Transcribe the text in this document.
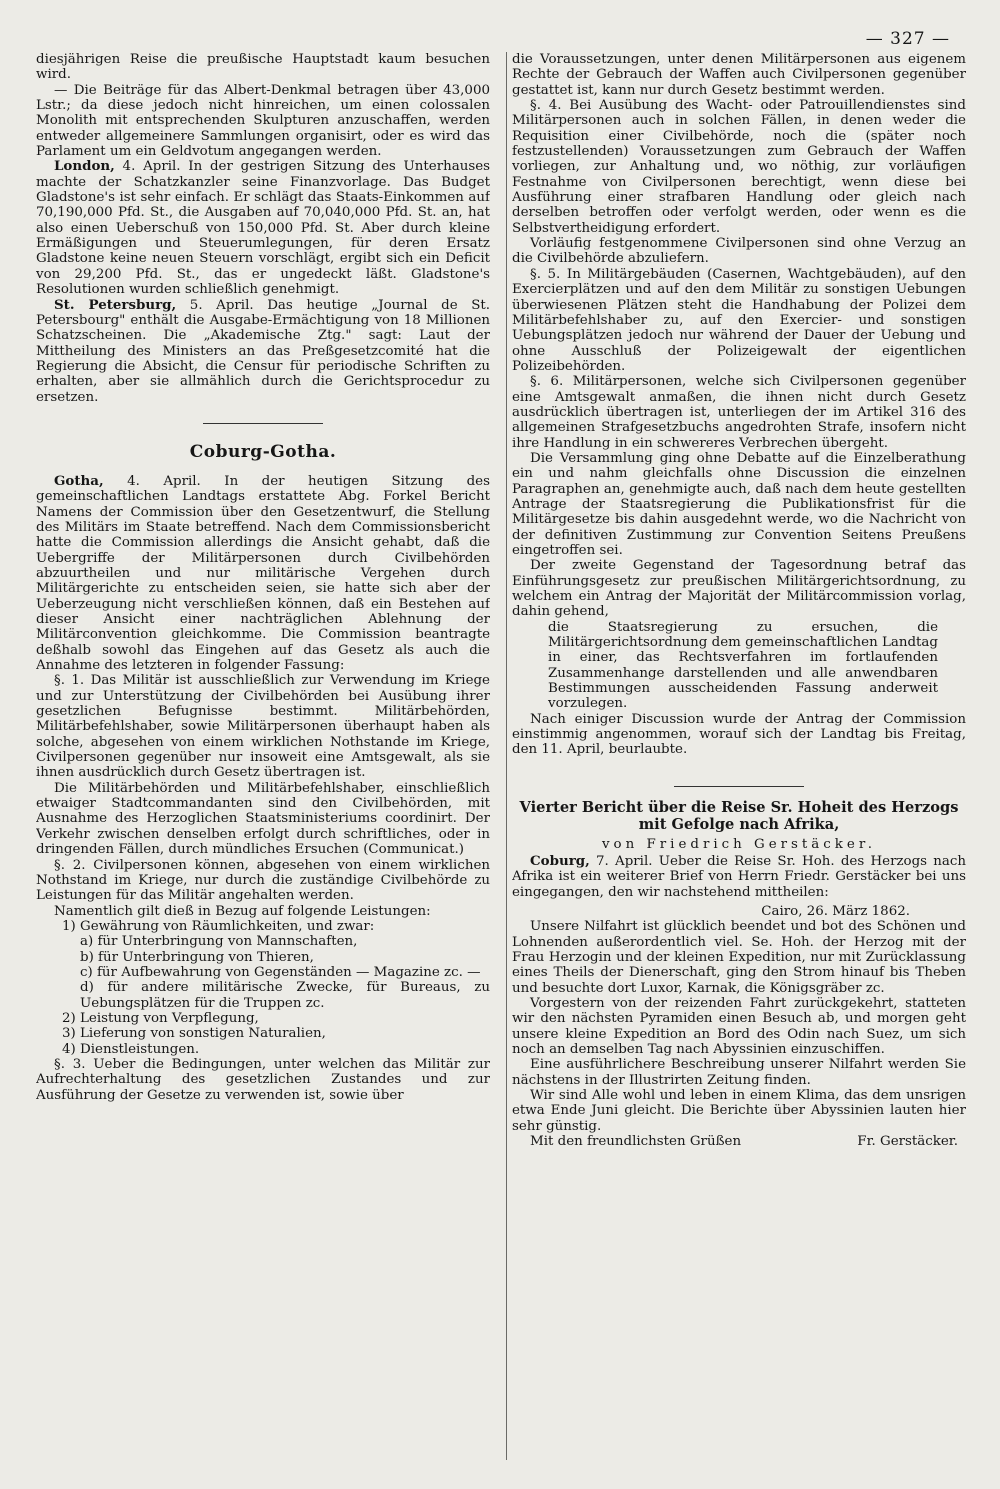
— 327 —

diesjährigen Reise die preußische Hauptstadt kaum besuchen wird.

— Die Beiträge für das Albert-Denkmal betragen über 43,000 Lstr.; da diese jedoch nicht hinreichen, um einen colossalen Monolith mit entsprechenden Skulpturen anzuschaffen, werden entweder allgemeinere Sammlungen organisirt, oder es wird das Parlament um ein Geldvotum angegangen werden.

London, 4. April. In der gestrigen Sitzung des Unterhauses machte der Schatzkanzler seine Finanzvorlage. Das Budget Gladstone's ist sehr einfach. Er schlägt das Staats-Einkommen auf 70,190,000 Pfd. St., die Ausgaben auf 70,040,000 Pfd. St. an, hat also einen Ueberschuß von 150,000 Pfd. St. Aber durch kleine Ermäßigungen und Steuerumlegungen, für deren Ersatz Gladstone keine neuen Steuern vorschlägt, ergibt sich ein Deficit von 29,200 Pfd. St., das er ungedeckt läßt. Gladstone's Resolutionen wurden schließlich genehmigt.

St. Petersburg, 5. April. Das heutige „Journal de St. Petersbourg" enthält die Ausgabe-Ermächtigung von 18 Millionen Schatzscheinen. Die „Akademische Ztg." sagt: Laut der Mittheilung des Ministers an das Preßgesetzcomité hat die Regierung die Absicht, die Censur für periodische Schriften zu erhalten, aber sie allmählich durch die Gerichtsprocedur zu ersetzen.

Coburg-Gotha.

Gotha, 4. April. In der heutigen Sitzung des gemeinschaftlichen Landtags erstattete Abg. Forkel Bericht Namens der Commission über den Gesetzentwurf, die Stellung des Militärs im Staate betreffend. Nach dem Commissionsbericht hatte die Commission allerdings die Ansicht gehabt, daß die Uebergriffe der Militärpersonen durch Civilbehörden abzuurtheilen und nur militärische Vergehen durch Militärgerichte zu entscheiden seien, sie hatte sich aber der Ueberzeugung nicht verschließen können, daß ein Bestehen auf dieser Ansicht einer nachträglichen Ablehnung der Militärconvention gleichkomme. Die Commission beantragte deßhalb sowohl das Eingehen auf das Gesetz als auch die Annahme des letzteren in folgender Fassung:

§. 1. Das Militär ist ausschließlich zur Verwendung im Kriege und zur Unterstützung der Civilbehörden bei Ausübung ihrer gesetzlichen Befugnisse bestimmt. Militärbehörden, Militärbefehlshaber, sowie Militärpersonen überhaupt haben als solche, abgesehen von einem wirklichen Nothstande im Kriege, Civilpersonen gegenüber nur insoweit eine Amtsgewalt, als sie ihnen ausdrücklich durch Gesetz übertragen ist.

Die Militärbehörden und Militärbefehlshaber, einschließlich etwaiger Stadtcommandanten sind den Civilbehörden, mit Ausnahme des Herzoglichen Staatsministeriums coordinirt. Der Verkehr zwischen denselben erfolgt durch schriftliches, oder in dringenden Fällen, durch mündliches Ersuchen (Communicat.)

§. 2. Civilpersonen können, abgesehen von einem wirklichen Nothstand im Kriege, nur durch die zuständige Civilbehörde zu Leistungen für das Militär angehalten werden.

Namentlich gilt dieß in Bezug auf folgende Leistungen:

1) Gewährung von Räumlichkeiten, und zwar:

a) für Unterbringung von Mannschaften,

b) für Unterbringung von Thieren,

c) für Aufbewahrung von Gegenständen — Magazine zc. —

d) für andere militärische Zwecke, für Bureaus, zu Uebungsplätzen für die Truppen zc.

2) Leistung von Verpflegung,

3) Lieferung von sonstigen Naturalien,

4) Dienstleistungen.

§. 3. Ueber die Bedingungen, unter welchen das Militär zur Aufrechterhaltung des gesetzlichen Zustandes und zur Ausführung der Gesetze zu verwenden ist, sowie über

die Voraussetzungen, unter denen Militärpersonen aus eigenem Rechte der Gebrauch der Waffen auch Civilpersonen gegenüber gestattet ist, kann nur durch Gesetz bestimmt werden.

§. 4. Bei Ausübung des Wacht- oder Patrouillendienstes sind Militärpersonen auch in solchen Fällen, in denen weder die Requisition einer Civilbehörde, noch die (später noch festzustellenden) Voraussetzungen zum Gebrauch der Waffen vorliegen, zur Anhaltung und, wo nöthig, zur vorläufigen Festnahme von Civilpersonen berechtigt, wenn diese bei Ausführung einer strafbaren Handlung oder gleich nach derselben betroffen oder verfolgt werden, oder wenn es die Selbstvertheidigung erfordert.

Vorläufig festgenommene Civilpersonen sind ohne Verzug an die Civilbehörde abzuliefern.

§. 5. In Militärgebäuden (Casernen, Wachtgebäuden), auf den Exercierplätzen und auf den dem Militär zu sonstigen Uebungen überwiesenen Plätzen steht die Handhabung der Polizei dem Militärbefehlshaber zu, auf den Exercier- und sonstigen Uebungsplätzen jedoch nur während der Dauer der Uebung und ohne Ausschluß der Polizeigewalt der eigentlichen Polizeibehörden.

§. 6. Militärpersonen, welche sich Civilpersonen gegenüber eine Amtsgewalt anmaßen, die ihnen nicht durch Gesetz ausdrücklich übertragen ist, unterliegen der im Artikel 316 des allgemeinen Strafgesetzbuchs angedrohten Strafe, insofern nicht ihre Handlung in ein schwereres Verbrechen übergeht.

Die Versammlung ging ohne Debatte auf die Einzelberathung ein und nahm gleichfalls ohne Discussion die einzelnen Paragraphen an, genehmigte auch, daß nach dem heute gestellten Antrage der Staatsregierung die Publikationsfrist für die Militärgesetze bis dahin ausgedehnt werde, wo die Nachricht von der definitiven Zustimmung zur Convention Seitens Preußens eingetroffen sei.

Der zweite Gegenstand der Tagesordnung betraf das Einführungsgesetz zur preußischen Militärgerichtsordnung, zu welchem ein Antrag der Majorität der Militärcommission vorlag, dahin gehend,

die Staatsregierung zu ersuchen, die Militärgerichtsordnung dem gemeinschaftlichen Landtag in einer, das Rechtsverfahren im fortlaufenden Zusammenhange darstellenden und alle anwendbaren Bestimmungen ausscheidenden Fassung anderweit vorzulegen.

Nach einiger Discussion wurde der Antrag der Commission einstimmig angenommen, worauf sich der Landtag bis Freitag, den 11. April, beurlaubte.

Vierter Bericht über die Reise Sr. Hoheit des Herzogs mit Gefolge nach Afrika,
von Friedrich Gerstäcker.

Coburg, 7. April. Ueber die Reise Sr. Hoh. des Herzogs nach Afrika ist ein weiterer Brief von Herrn Friedr. Gerstäcker bei uns eingegangen, den wir nachstehend mittheilen:

Cairo, 26. März 1862.

Unsere Nilfahrt ist glücklich beendet und bot des Schönen und Lohnenden außerordentlich viel. Se. Hoh. der Herzog mit der Frau Herzogin und der kleinen Expedition, nur mit Zurücklassung eines Theils der Dienerschaft, ging den Strom hinauf bis Theben und besuchte dort Luxor, Karnak, die Königsgräber zc.

Vorgestern von der reizenden Fahrt zurückgekehrt, statteten wir den nächsten Pyramiden einen Besuch ab, und morgen geht unsere kleine Expedition an Bord des Odin nach Suez, um sich noch an demselben Tag nach Abyssinien einzuschiffen.

Eine ausführlichere Beschreibung unserer Nilfahrt werden Sie nächstens in der Illustrirten Zeitung finden.

Wir sind Alle wohl und leben in einem Klima, das dem unsrigen etwa Ende Juni gleicht. Die Berichte über Abyssinien lauten hier sehr günstig.

Mit den freundlichsten Grüßen	Fr. Gerstäcker.
